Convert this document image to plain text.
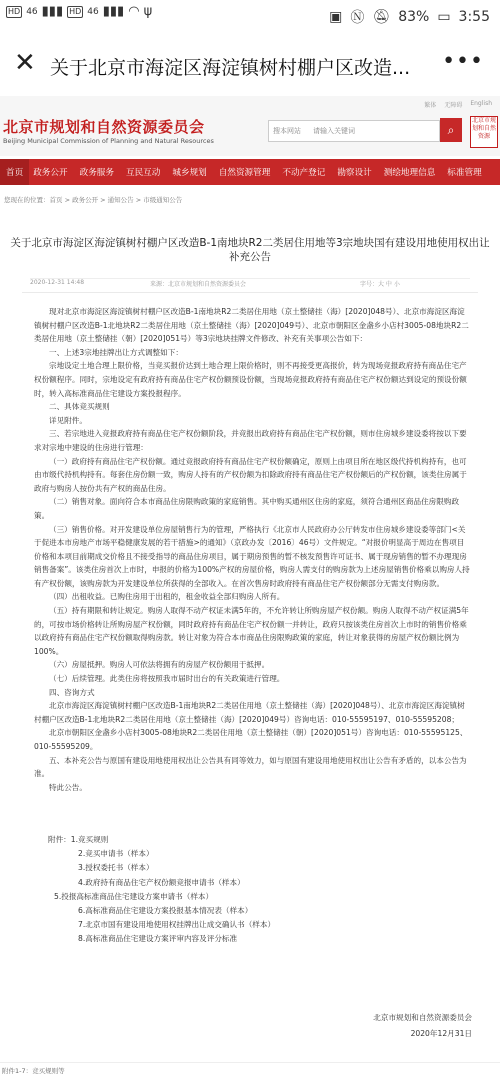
HD 46 ▮▮▮ HD 46 ▮▮▮ ◠ ψ	▣ Ⓝ 🔕︎ 83% ▭ 3:55
✕ 关于北京市海淀区海淀镇树村棚户区改造...	•••
繁体 无障碍 English
北京市规划和自然资源委员会
Beijing Municipal Commission of Planning and Natural Resources
搜本网站 请输入关键词	⌕
北京市规划和自然资源
首页	政务公开	政务服务	互民互动	城乡规划	自然资源管理	不动产登记	勘察设计	测绘地理信息	标准管理
您现在的位置：首页 > 政务公开 > 通知公告 > 市级通知公告
关于北京市海淀区海淀镇树村棚户区改造B-1南地块R2二类居住用地等3宗地块国有建设用地使用权出让补充公告
2020-12-31 14:48	来源：北京市规划和自然资源委员会	字号：大 中 小

现对北京市海淀区海淀镇树村棚户区改造B-1南地块R2二类居住用地（京土整储挂（海）[2020]048号）、北京市海淀区海淀镇树村棚户区改造B-1北地块R2二类居住用地（京土整储挂（海）[2020]049号）、北京市朝阳区金盏乡小店村3005-08地块R2二类居住用地（京土整储挂（朝）[2020]051号）等3宗地块挂牌文件修改、补充有关事项公告如下：

一、上述3宗地挂牌出让方式调整如下：

宗地设定土地合理上限价格，当竞买报价达到土地合理上限价格时，则不再接受更高报价，转为现场竞报政府持有商品住宅产权份额程序。同时，宗地设定有政府持有商品住宅产权份额预设份额，当现场竞报政府持有商品住宅产权份额达到设定的预设份额时，转入高标准商品住宅建设方案投报程序。

二、具体竞买规则

详见附件。

三、若宗地进入竞报政府持有商品住宅产权份额阶段，并竞报出政府持有商品住宅产权份额，则市住房城乡建设委将按以下要求对宗地中建设的住房进行管理：

（一）政府持有商品住宅产权份额。通过竞报政府持有商品住宅产权份额确定，原则上由项目所在地区级代持机构持有，也可由市级代持机构持有。每套住房份额一致，购房人持有的产权份额为扣除政府持有商品住宅产权份额后的产权份额，该类住房属于政府与购房人按份共有产权的商品住房。

（二）销售对象。面向符合本市商品住房限购政策的家庭销售。其中购买通州区住房的家庭，须符合通州区商品住房限购政策。

（三）销售价格。对开发建设单位房屋销售行为的管理，严格执行《北京市人民政府办公厅转发市住房城乡建设委等部门<关于促进本市房地产市场平稳健康发展的若干措施>的通知》（京政办发〔2016〕46号）文件规定。“对报价明显高于周边在售项目价格和本项目前期成交价格且不接受指导的商品住房项目，属于期房预售的暂不核发预售许可证书、属于现房销售的暂不办理现房销售备案”。该类住房首次上市时，申报的价格为100%产权的房屋价格，购房人需支付的购房款为上述房屋销售价格乘以购房人持有产权份额，该购房款为开发建设单位所获得的全部收入。在首次售房时政府持有商品住宅产权份额部分无需支付购房款。

（四）出租收益。已购住房用于出租的，租金收益全部归购房人所有。

（五）持有期限和转让规定。购房人取得不动产权证未满5年的，不允许转让所购房屋产权份额。购房人取得不动产权证满5年的，可按市场价格转让所购房屋产权份额，同时政府持有商品住宅产权份额一并转让，政府只按该类住房首次上市时的销售价格乘以政府持有商品住宅产权份额取得购房款。转让对象为符合本市商品住房限购政策的家庭，转让对象获得的房屋产权份额比例为100%。

（六）房屋抵押。购房人可依法将拥有的房屋产权份额用于抵押。

（七）后续管理。此类住房将按照我市届时出台的有关政策进行管理。

四、咨询方式

北京市海淀区海淀镇树村棚户区改造B-1南地块R2二类居住用地（京土整储挂（海）[2020]048号）、北京市海淀区海淀镇树村棚户区改造B-1北地块R2二类居住用地（京土整储挂（海）[2020]049号）咨询电话：010-55595197、010-55595208；

北京市朝阳区金盏乡小店村3005-08地块R2二类居住用地（京土整储挂（朝）[2020]051号）咨询电话：010-55595125、010-55595209。

五、本补充公告与原国有建设用地使用权出让公告具有同等效力，如与原国有建设用地使用权出让公告有矛盾的，以本公告为准。

特此公告。

附件：1.竞买规则
2.竞买申请书（样本）
3.授权委托书（样本）
4.政府持有商品住宅产权份额竞报申请书（样本）
5.投报高标准商品住宅建设方案申请书（样本）
6.高标准商品住宅建设方案投报基本情况表（样本）
7.北京市国有建设用地使用权挂牌出让成交确认书（样本）
8.高标准商品住宅建设方案评审内容及评分标准
北京市规划和自然资源委员会
2020年12月31日
附件1-7：竞买规则等
